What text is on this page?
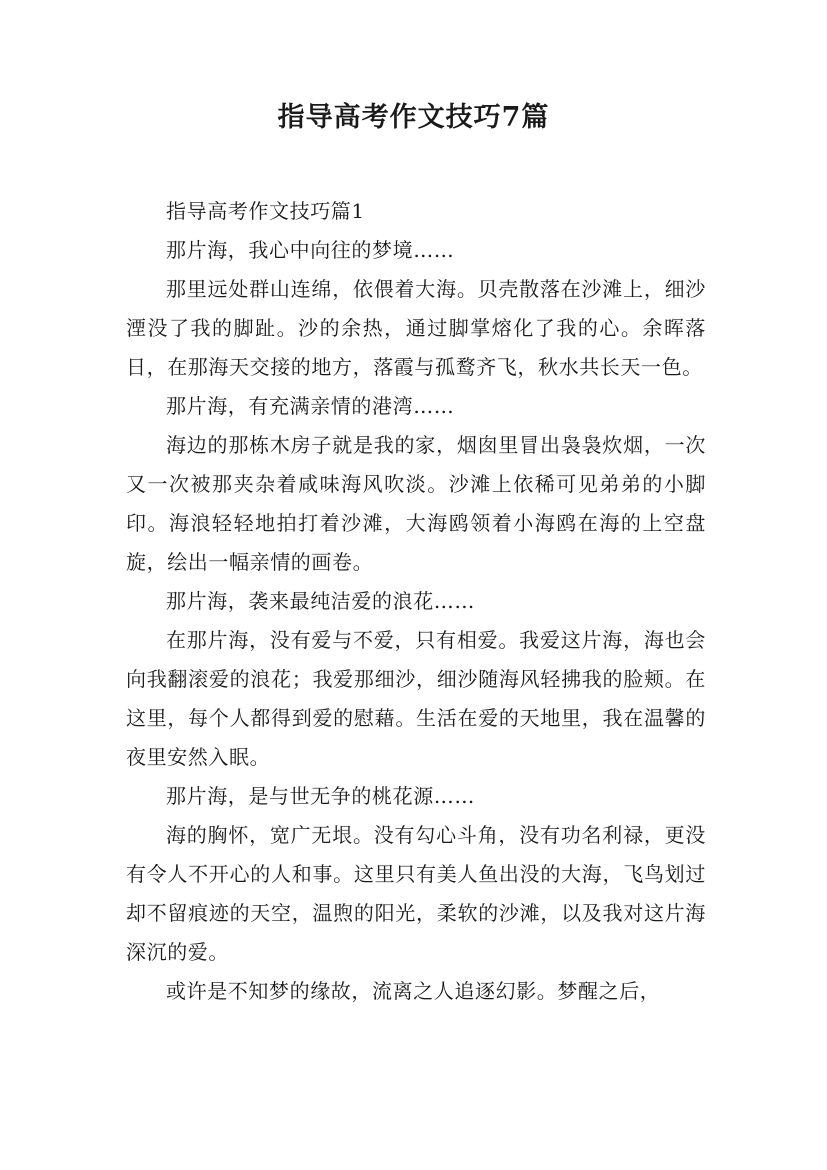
指导高考作文技巧7篇

指导高考作文技巧篇1

那片海，我心中向往的梦境……

那里远处群山连绵，依偎着大海。贝壳散落在沙滩上，细沙湮没了我的脚趾。沙的余热，通过脚掌熔化了我的心。余晖落日，在那海天交接的地方，落霞与孤鹜齐飞，秋水共长天一色。

那片海，有充满亲情的港湾……

海边的那栋木房子就是我的家，烟囱里冒出袅袅炊烟，一次又一次被那夹杂着咸味海风吹淡。沙滩上依稀可见弟弟的小脚印。海浪轻轻地拍打着沙滩，大海鸥领着小海鸥在海的上空盘旋，绘出一幅亲情的画卷。

那片海，袭来最纯洁爱的浪花……

在那片海，没有爱与不爱，只有相爱。我爱这片海，海也会向我翻滚爱的浪花；我爱那细沙，细沙随海风轻拂我的脸颊。在这里，每个人都得到爱的慰藉。生活在爱的天地里，我在温馨的夜里安然入眠。

那片海，是与世无争的桃花源……

海的胸怀，宽广无垠。没有勾心斗角，没有功名利禄，更没有令人不开心的人和事。这里只有美人鱼出没的大海，飞鸟划过却不留痕迹的天空，温煦的阳光，柔软的沙滩，以及我对这片海深沉的爱。

或许是不知梦的缘故，流离之人追逐幻影。梦醒之后，
